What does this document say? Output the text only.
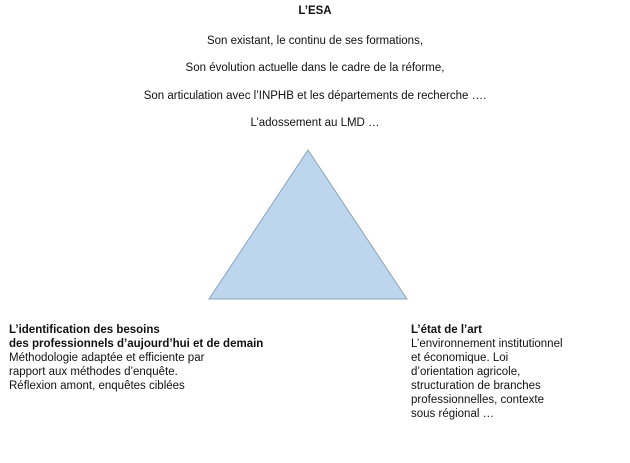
L’ESA
Son existant, le continu de ses formations,
Son évolution actuelle dans le cadre de la réforme,
Son articulation avec l’INPHB et les départements de recherche ….
L’adossement au LMD …
L’identification des besoins
des professionnels d’aujourd’hui et de demain
Méthodologie adaptée et efficiente par
rapport aux méthodes d’enquête.
Réflexion amont, enquêtes ciblées
L’état de l’art
L’environnement institutionnel
et économique. Loi
d’orientation agricole,
structuration de branches
professionnelles, contexte
sous régional …
